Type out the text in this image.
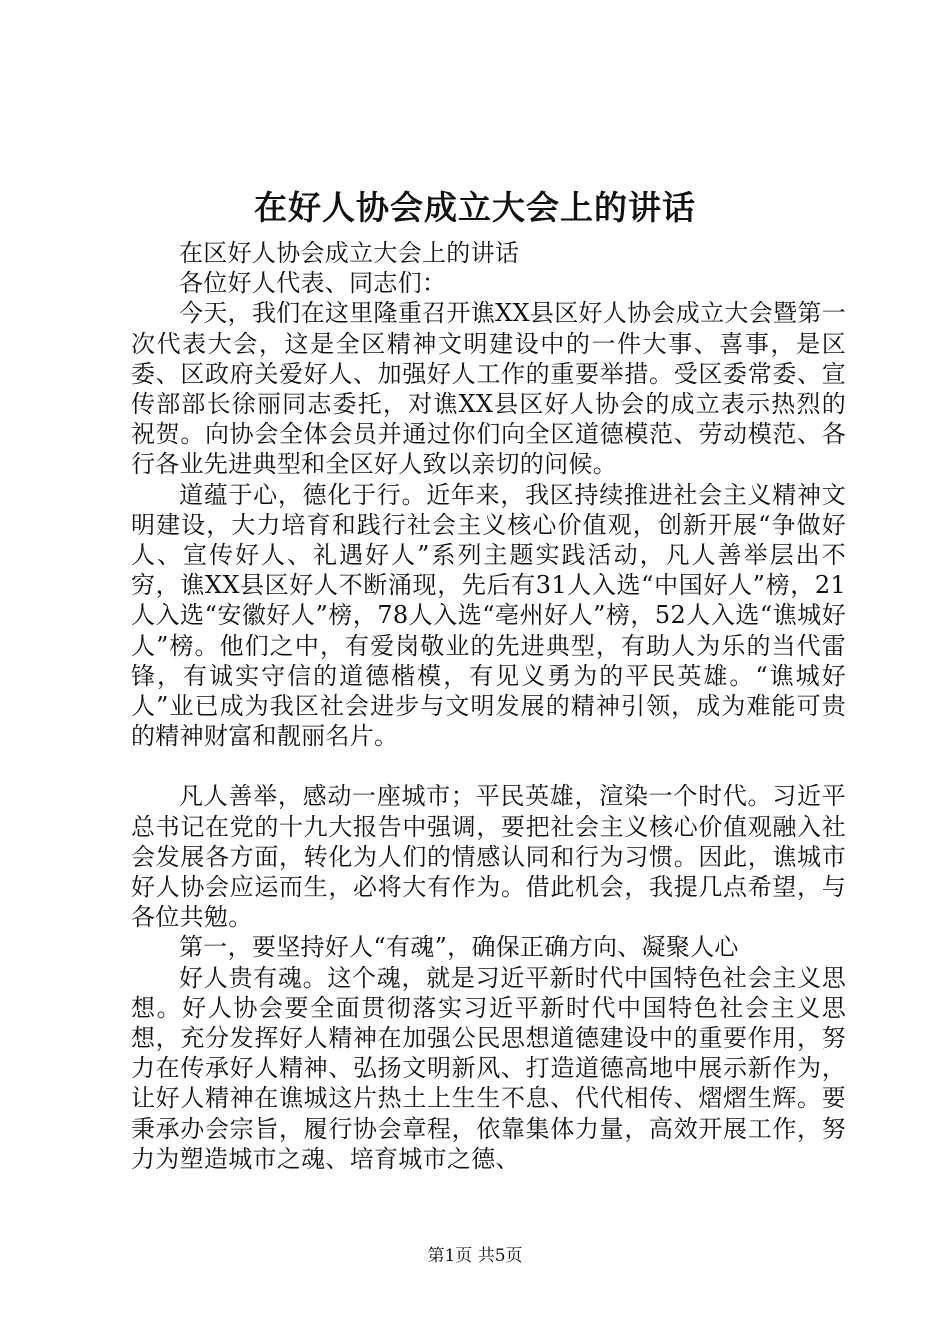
在好人协会成立大会上的讲话

在区好人协会成立大会上的讲话

各位好人代表、同志们：

今天，我们在这里隆重召开谯XX县区好人协会成立大会暨第一次代表大会，这是全区精神文明建设中的一件大事、喜事，是区委、区政府关爱好人、加强好人工作的重要举措。受区委常委、宣传部部长徐丽同志委托，对谯XX县区好人协会的成立表示热烈的祝贺。向协会全体会员并通过你们向全区道德模范、劳动模范、各行各业先进典型和全区好人致以亲切的问候。

道蕴于心，德化于行。近年来，我区持续推进社会主义精神文明建设，大力培育和践行社会主义核心价值观，创新开展“争做好人、宣传好人、礼遇好人”系列主题实践活动，凡人善举层出不穷，谯XX县区好人不断涌现，先后有31人入选“中国好人”榜，21人入选“安徽好人”榜，78人入选“亳州好人”榜，52人入选“谯城好人”榜。他们之中，有爱岗敬业的先进典型，有助人为乐的当代雷锋，有诚实守信的道德楷模，有见义勇为的平民英雄。“谯城好人”业已成为我区社会进步与文明发展的精神引领，成为难能可贵的精神财富和靓丽名片。

凡人善举，感动一座城市；平民英雄，渲染一个时代。习近平总书记在党的十九大报告中强调，要把社会主义核心价值观融入社会发展各方面，转化为人们的情感认同和行为习惯。因此，谯城市好人协会应运而生，必将大有作为。借此机会，我提几点希望，与各位共勉。

第一，要坚持好人“有魂”，确保正确方向、凝聚人心

好人贵有魂。这个魂，就是习近平新时代中国特色社会主义思想。好人协会要全面贯彻落实习近平新时代中国特色社会主义思想，充分发挥好人精神在加强公民思想道德建设中的重要作用，努力在传承好人精神、弘扬文明新风、打造道德高地中展示新作为，让好人精神在谯城这片热土上生生不息、代代相传、熠熠生辉。要秉承办会宗旨，履行协会章程，依靠集体力量，高效开展工作，努力为塑造城市之魂、培育城市之德、

第1页 共5页
